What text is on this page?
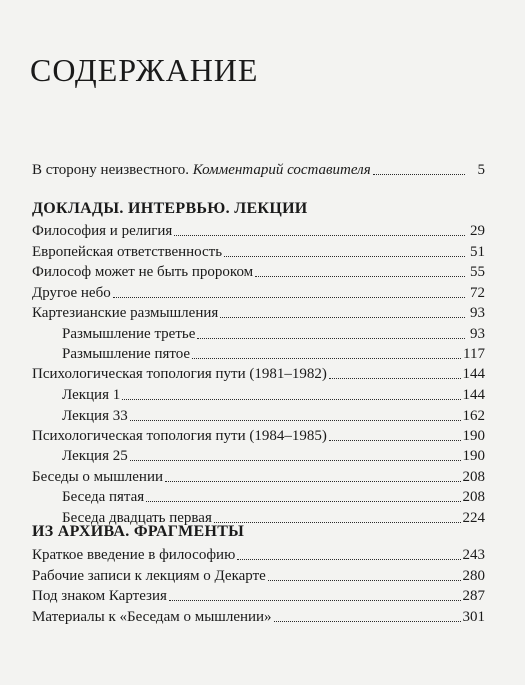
СОДЕРЖАНИЕ
В сторону неизвестного. Комментарий составителя	5
ДОКЛАДЫ. ИНТЕРВЬЮ. ЛЕКЦИИ
Философия и религия	29
Европейская ответственность	51
Философ может не быть пророком	55
Другое небо	72
Картезианские размышления	93
Размышление третье	93
Размышление пятое	117
Психологическая топология пути (1981–1982)	144
Лекция 1	144
Лекция 33	162
Психологическая топология пути (1984–1985)	190
Лекция 25	190
Беседы о мышлении	208
Беседа пятая	208
Беседа двадцать первая	224
ИЗ АРХИВА. ФРАГМЕНТЫ
Краткое введение в философию	243
Рабочие записи к лекциям о Декарте	280
Под знаком Картезия	287
Материалы к «Беседам о мышлении»	301
